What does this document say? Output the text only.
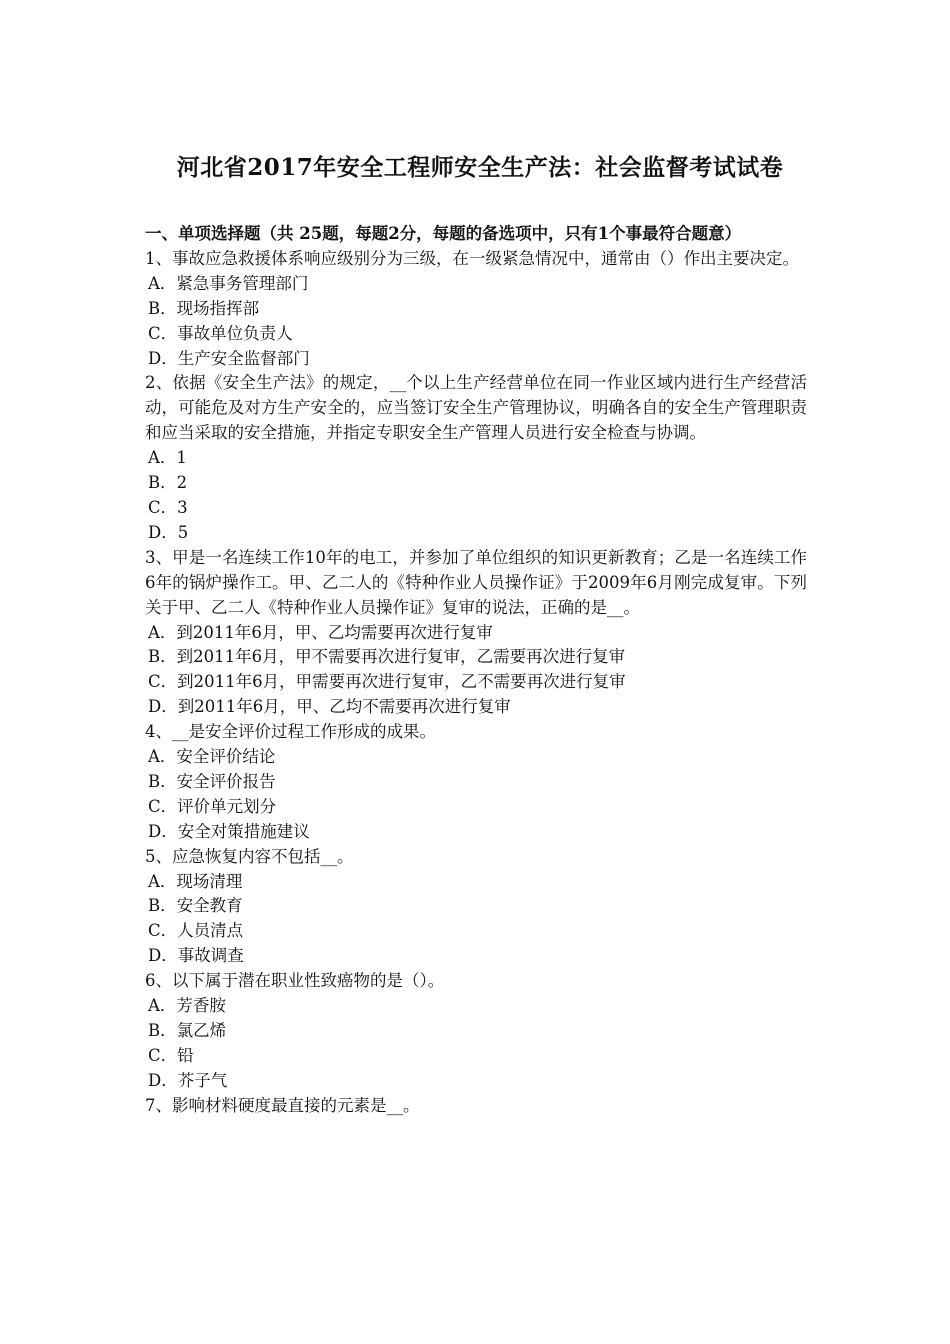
河北省2017年安全工程师安全生产法：社会监督考试试卷
一、单项选择题（共 25题，每题2分，每题的备选项中，只有1个事最符合题意）
1、事故应急救援体系响应级别分为三级，在一级紧急情况中，通常由（）作出主要决定。
A．紧急事务管理部门
B．现场指挥部
C．事故单位负责人
D．生产安全监督部门
2、依据《安全生产法》的规定，__个以上生产经营单位在同一作业区域内进行生产经营活动，可能危及对方生产安全的，应当签订安全生产管理协议，明确各自的安全生产管理职责和应当采取的安全措施，并指定专职安全生产管理人员进行安全检查与协调。
A．1
B．2
C．3
D．5
3、甲是一名连续工作10年的电工，并参加了单位组织的知识更新教育；乙是一名连续工作6年的锅炉操作工。甲、乙二人的《特种作业人员操作证》于2009年6月刚完成复审。下列关于甲、乙二人《特种作业人员操作证》复审的说法，正确的是__。
A．到2011年6月，甲、乙均需要再次进行复审
B．到2011年6月，甲不需要再次进行复审，乙需要再次进行复审
C．到2011年6月，甲需要再次进行复审，乙不需要再次进行复审
D．到2011年6月，甲、乙均不需要再次进行复审
4、__是安全评价过程工作形成的成果。
A．安全评价结论
B．安全评价报告
C．评价单元划分
D．安全对策措施建议
5、应急恢复内容不包括__。
A．现场清理
B．安全教育
C．人员清点
D．事故调查
6、以下属于潜在职业性致癌物的是（）。
A．芳香胺
B．氯乙烯
C．铅
D．芥子气
7、影响材料硬度最直接的元素是__。
